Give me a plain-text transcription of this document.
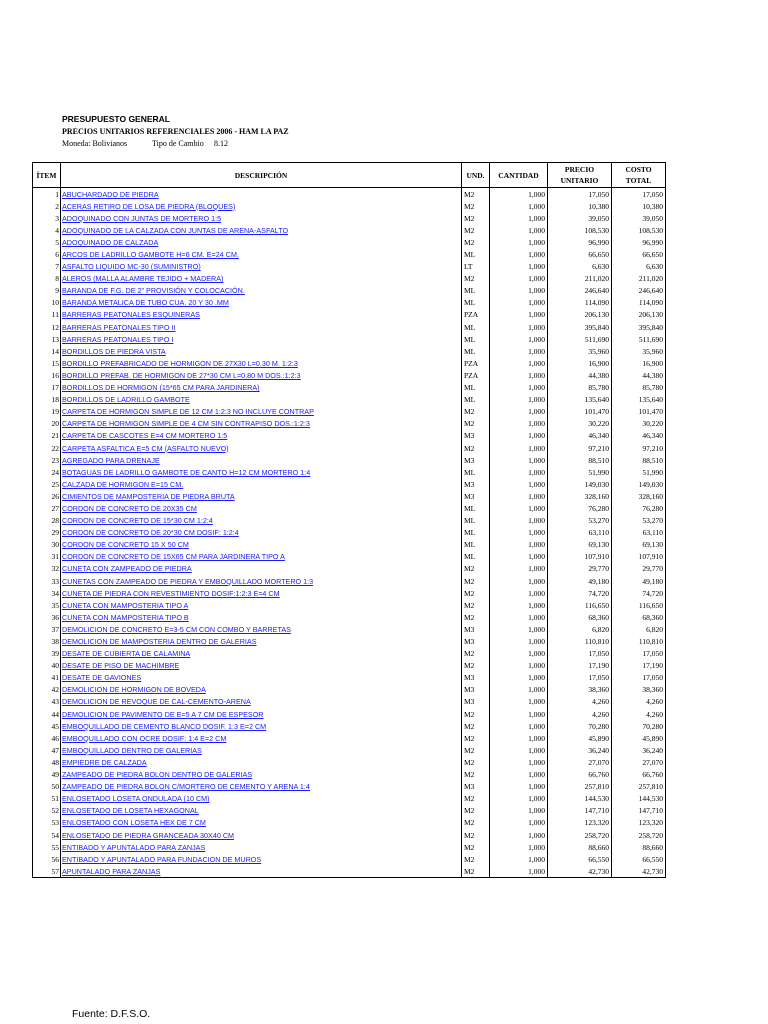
PRESUPUESTO GENERAL
PRECIOS UNITARIOS REFERENCIALES 2006 - HAM LA PAZ
Moneda: Bolivianos	Tipo de Cambio 8.12
ÍTEM	DESCRIPCIÓN	UND.	CANTIDAD	PRECIO UNITARIO	COSTO TOTAL
1	ABUCHARDADO DE PIEDRA	M2	1,000	17,050	17,050
2	ACERAS RETIRO DE LOSA DE PIEDRA (BLOQUES)	M2	1,000	10,380	10,380
3	ADOQUINADO CON JUNTAS DE MORTERO 1:5	M2	1,000	39,050	39,050
4	ADOQUINADO DE LA CALZADA CON JUNTAS DE ARENA-ASFALTO	M2	1,000	108,530	108,530
5	ADOQUINADO DE CALZADA	M2	1,000	96,990	96,990
6	ARCOS DE LADRILLO GAMBOTE H=6 CM. E=24 CM.	ML	1,000	66,650	66,650
7	ASFALTO LIQUIDO MC-30 (SUMINISTRO)	LT	1,000	6,630	6,630
8	ALEROS (MALLA ALAMBRE TEJIDO + MADERA)	M2	1,000	211,020	211,020
9	BARANDA DE F.G. DE 2" PROVISIÓN Y COLOCACIÓN.	ML	1,000	246,640	246,640
10	BARANDA METALICA DE TUBO CUA. 20 Y 30 .MM	ML	1,000	114,090	114,090
11	BARRERAS PEATONALES ESQUINERAS	PZA	1,000	206,130	206,130
12	BARRERAS PEATONALES TIPO II	ML	1,000	395,840	395,840
13	BARRERAS PEATONALES TIPO I	ML	1,000	511,690	511,690
14	BORDILLOS DE PIEDRA VISTA	ML	1,000	35,960	35,960
15	BORDILLO PREFABRICADO DE HORMIGON DE 27X30 L=0.30 M. 1:2:3	PZA	1,000	16,900	16,900
16	BORDILLO PREFAB. DE HORMIGON DE 27*30 CM L=0.80 M DOS.:1:2:3	PZA	1,000	44,380	44,380
17	BORDILLOS DE HORMIGON (15*65 CM PARA JARDINERA)	ML	1,000	85,780	85,780
18	BORDILLOS DE LADRILLO GAMBOTE	ML	1,000	135,640	135,640
19	CARPETA DE HORMIGON SIMPLE DE 12 CM 1:2:3 NO INCLUYE CONTRAP	M2	1,000	101,470	101,470
20	CARPETA DE HORMIGON SIMPLE DE 4 CM SIN CONTRAPISO DOS.:1:2:3	M2	1,000	30,220	30,220
21	CARPETA DE CASCOTES E=4 CM MORTERO 1:5	M3	1,000	46,340	46,340
22	CARPETA ASFALTICA E=5 CM (ASFALTO NUEVO)	M2	1,000	97,210	97,210
23	AGREGADO PARA DRENAJE	M3	1,000	88,510	88,510
24	BOTAGUAS DE LADRILLO GAMBOTE DE CANTO H=12 CM MORTERO 1:4	ML	1,000	51,990	51,990
25	CALZADA DE HORMIGON E=15 CM.	M3	1,000	149,030	149,030
26	CIMIENTOS DE MAMPOSTERIA DE PIEDRA BRUTA	M3	1,000	328,160	328,160
27	CORDON DE CONCRETO DE 20X35 CM	ML	1,000	76,280	76,280
28	CORDON DE CONCRETO DE 15*30 CM 1:2:4	ML	1,000	53,270	53,270
29	CORDON DE CONCRETO DE 20*30 CM DOSIF: 1:2:4	ML	1,000	63,110	63,110
30	CORDON DE CONCRETO 15 X 50 CM	ML	1,000	69,130	69,130
31	CORDON DE CONCRETO DE 15X65 CM PARA JARDINERA TIPO A	ML	1,000	107,910	107,910
32	CUNETA CON ZAMPEADO DE PIEDRA	M2	1,000	29,770	29,770
33	CUNETAS CON ZAMPEADO DE PIEDRA Y EMBOQUILLADO MORTERO 1:3	M2	1,000	49,180	49,180
34	CUNETA DE PIEDRA CON REVESTIMIENTO DOSIF:1:2:3 E=4 CM	M2	1,000	74,720	74,720
35	CUNETA CON MAMPOSTERIA TIPO A	M2	1,000	116,650	116,650
36	CUNETA CON MAMPOSTERIA TIPO B	M2	1,000	68,360	68,360
37	DEMOLICION DE CONCRETO E=3-5 CM CON COMBO Y BARRETAS	M3	1,000	6,820	6,820
38	DEMOLICION DE MAMPOSTERIA DENTRO DE GALERIAS	M3	1,000	110,810	110,810
39	DESATE DE CUBIERTA DE CALAMINA	M2	1,000	17,050	17,050
40	DESATE DE PISO DE MACHIMBRE	M2	1,000	17,190	17,190
41	DESATE DE GAVIONES	M3	1,000	17,050	17,050
42	DEMOLICION DE HORMIGON DE BOVEDA	M3	1,000	38,360	38,360
43	DEMOLICION DE REVOQUE DE CAL-CEMENTO-ARENA	M3	1,000	4,260	4,260
44	DEMOLICION DE PAVIMENTO DE E=5 A 7 CM DE ESPESOR	M2	1,000	4,260	4,260
45	EMBOQUILLADO DE CEMENTO BLANCO DOSIF. 1:3 E=2 CM	M2	1,000	70,280	70,280
46	EMBOQUILLADO CON OCRE DOSIF: 1:4 E=2 CM	M2	1,000	45,890	45,890
47	EMBOQUILLADO DENTRO DE GALERIAS	M2	1,000	36,240	36,240
48	EMPIEDRE DE CALZADA	M2	1,000	27,070	27,070
49	ZAMPEADO DE PIEDRA BOLON DENTRO DE GALERIAS	M2	1,000	66,760	66,760
50	ZAMPEADO DE PIEDRA BOLON C/MORTERO DE CEMENTO Y ARENA 1:4	M3	1,000	257,810	257,810
51	ENLOSETADO LOSETA ONDULADA (10 CM)	M2	1,000	144,530	144,530
52	ENLOSETADO DE LOSETA HEXAGONAL	M2	1,000	147,710	147,710
53	ENLOSETADO CON LOSETA HEX DE 7 CM	M2	1,000	123,320	123,320
54	ENLOSETADO DE PIEDRA GRANCEADA 30X40 CM	M2	1,000	258,720	258,720
55	ENTIBADO Y APUNTALADO PARA ZANJAS	M2	1,000	88,660	88,660
56	ENTIBADO Y APUNTALADO PARA FUNDACION DE MUROS	M2	1,000	66,550	66,550
57	APUNTALADO PARA ZANJAS	M2	1,000	42,730	42,730
Fuente: D.F.S.O.
